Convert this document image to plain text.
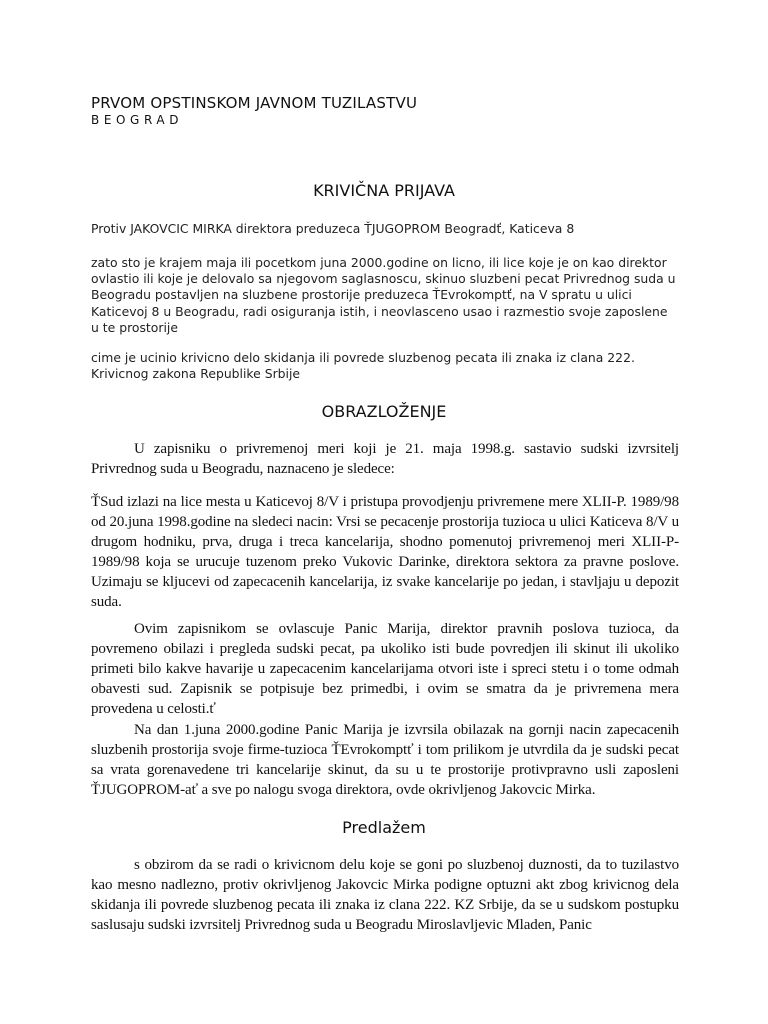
PRVOM OPSTINSKOM JAVNOM TUZILASTVU
BEOGRAD
KRIVIČNA PRIJAVA
Protiv JAKOVCIC MIRKA direktora preduzeca ŤJUGOPROM Beogradť, Katiceva 8
zato sto je krajem maja ili pocetkom juna 2000.godine on licno, ili lice koje je on kao direktor ovlastio ili koje je delovalo sa njegovom saglasnoscu, skinuo sluzbeni pecat Privrednog suda u Beogradu postavljen na sluzbene prostorije preduzeca ŤEvrokomptť, na V spratu u ulici Katicevoj 8 u Beogradu, radi osiguranja istih, i neovlasceno usao i razmestio svoje zaposlene u te prostorije
cime je ucinio krivicno delo skidanja ili povrede sluzbenog pecata ili znaka iz clana 222. Krivicnog zakona Republike Srbije
OBRAZLOŽENJE
U zapisniku o privremenoj meri koji je 21. maja 1998.g. sastavio sudski izvrsitelj Privrednog suda u Beogradu, naznaceno je sledece:
ŤSud izlazi na lice mesta u Katicevoj 8/V i pristupa provodjenju privremene mere XLII-P. 1989/98 od 20.juna 1998.godine na sledeci nacin: Vrsi se pecacenje prostorija tuzioca u ulici Katiceva 8/V u drugom hodniku, prva, druga i treca kancelarija, shodno pomenutoj privremenoj meri XLII-P-1989/98 koja se urucuje tuzenom preko Vukovic Darinke, direktora sektora za pravne poslove. Uzimaju se kljucevi od zapecacenih kancelarija, iz svake kancelarije po jedan, i stavljaju u depozit suda.
Ovim zapisnikom se ovlascuje Panic Marija, direktor pravnih poslova tuzioca, da povremeno obilazi i pregleda sudski pecat, pa ukoliko isti bude povredjen ili skinut ili ukoliko primeti bilo kakve havarije u zapecacenim kancelarijama otvori iste i spreci stetu i o tome odmah obavesti sud. Zapisnik se potpisuje bez primedbi, i ovim se smatra da je privremena mera provedena u celosti.ť
Na dan 1.juna 2000.godine Panic Marija je izvrsila obilazak na gornji nacin zapecacenih sluzbenih prostorija svoje firme-tuzioca ŤEvrokomptť i tom prilikom je utvrdila da je sudski pecat sa vrata gorenavedene tri kancelarije skinut, da su u te prostorije protivpravno usli zaposleni ŤJUGOPROM-ať a sve po nalogu svoga direktora, ovde okrivljenog Jakovcic Mirka.
Predlažem
s obzirom da se radi o krivicnom delu koje se goni po sluzbenoj duznosti, da to tuzilastvo kao mesno nadlezno, protiv okrivljenog Jakovcic Mirka podigne optuzni akt zbog krivicnog dela skidanja ili povrede sluzbenog pecata ili znaka iz clana 222. KZ Srbije, da se u sudskom postupku saslusaju sudski izvrsitelj Privrednog suda u Beogradu Miroslavljevic Mladen, Panic
